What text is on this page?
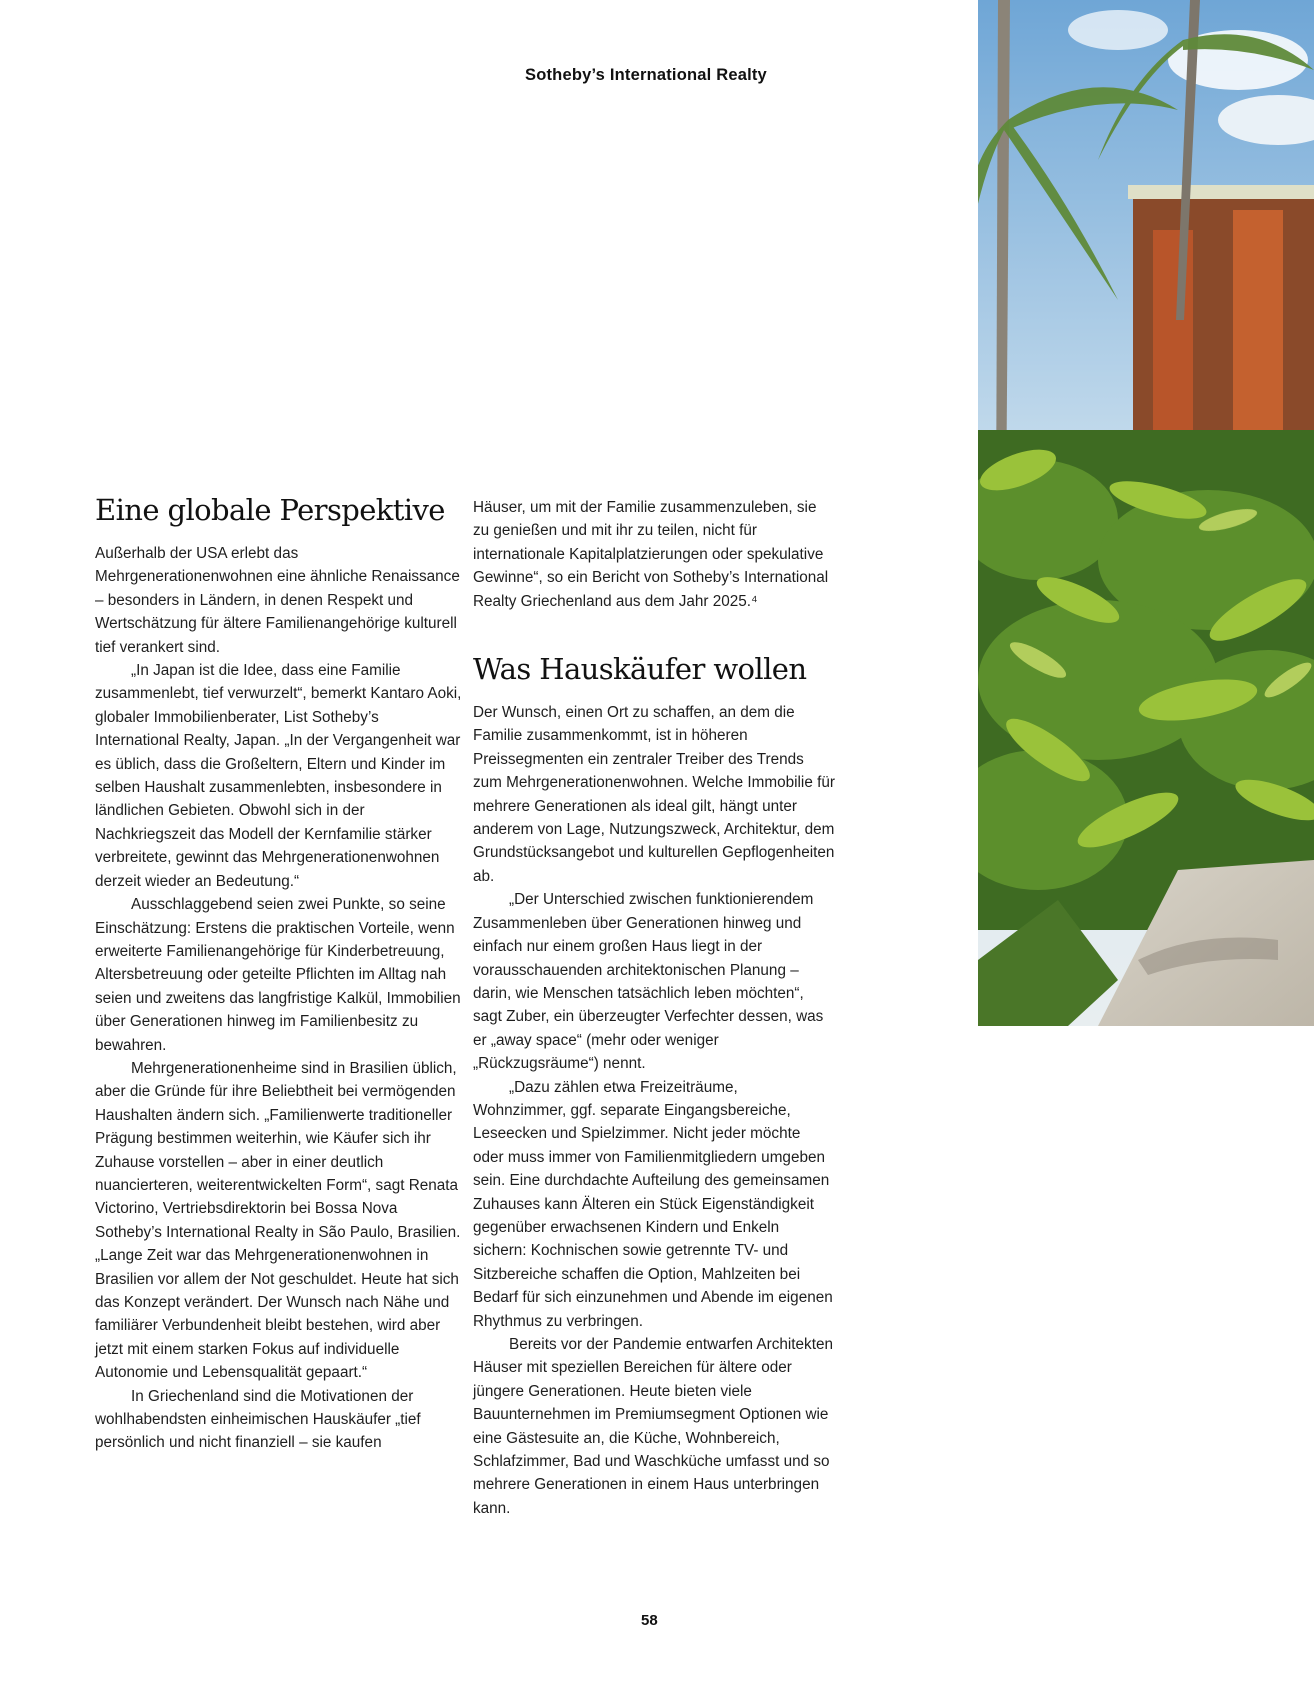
Sotheby’s International Realty
Eine globale Perspektive

Außerhalb der USA erlebt das Mehrgenerationenwohnen eine ähnliche Renaissance – besonders in Ländern, in denen Respekt und Wertschätzung für ältere Familienangehörige kulturell tief verankert sind.

„In Japan ist die Idee, dass eine Familie zusammenlebt, tief verwurzelt“, bemerkt Kantaro Aoki, globaler Immobilienberater, List Sotheby’s International Realty, Japan. „In der Vergangenheit war es üblich, dass die Großeltern, Eltern und Kinder im selben Haushalt zusammenlebten, insbesondere in ländlichen Gebieten. Obwohl sich in der Nachkriegszeit das Modell der Kernfamilie stärker verbreitete, gewinnt das Mehrgenerationenwohnen derzeit wieder an Bedeutung.“

Ausschlaggebend seien zwei Punkte, so seine Einschätzung: Erstens die praktischen Vorteile, wenn erweiterte Familienangehörige für Kinderbetreuung, Altersbetreuung oder geteilte Pflichten im Alltag nah seien und zweitens das langfristige Kalkül, Immobilien über Generationen hinweg im Familienbesitz zu bewahren.

Mehrgenerationenheime sind in Brasilien üblich, aber die Gründe für ihre Beliebtheit bei vermögenden Haushalten ändern sich. „Familienwerte traditioneller Prägung bestimmen weiterhin, wie Käufer sich ihr Zuhause vorstellen – aber in einer deutlich nuancierteren, weiterentwickelten Form“, sagt Renata Victorino, Vertriebsdirektorin bei Bossa Nova Sotheby’s International Realty in São Paulo, Brasilien. „Lange Zeit war das Mehrgenerationenwohnen in Brasilien vor allem der Not geschuldet. Heute hat sich das Konzept verändert. Der Wunsch nach Nähe und familiärer Verbundenheit bleibt bestehen, wird aber jetzt mit einem starken Fokus auf individuelle Autonomie und Lebensqualität gepaart.“

In Griechenland sind die Motivationen der wohlhabendsten einheimischen Hauskäufer „tief persönlich und nicht finanziell – sie kaufen

Häuser, um mit der Familie zusammenzuleben, sie zu genießen und mit ihr zu teilen, nicht für internationale Kapitalplatzierungen oder spekulative Gewinne“, so ein Bericht von Sotheby’s International Realty Griechenland aus dem Jahr 2025.⁴

Was Hauskäufer wollen

Der Wunsch, einen Ort zu schaffen, an dem die Familie zusammenkommt, ist in höheren Preissegmenten ein zentraler Treiber des Trends zum Mehrgenerationenwohnen. Welche Immobilie für mehrere Generationen als ideal gilt, hängt unter anderem von Lage, Nutzungszweck, Architektur, dem Grundstücksangebot und kulturellen Gepflogenheiten ab.

„Der Unterschied zwischen funktionierendem Zusammenleben über Generationen hinweg und einfach nur einem großen Haus liegt in der vorausschauenden architektonischen Planung – darin, wie Menschen tatsächlich leben möchten“, sagt Zuber, ein überzeugter Verfechter dessen, was er „away space“ (mehr oder weniger „Rückzugsräume“) nennt.

„Dazu zählen etwa Freizeiträume, Wohnzimmer, ggf. separate Eingangsbereiche, Leseecken und Spielzimmer. Nicht jeder möchte oder muss immer von Familienmitgliedern umgeben sein. Eine durchdachte Aufteilung des gemeinsamen Zuhauses kann Älteren ein Stück Eigenständigkeit gegenüber erwachsenen Kindern und Enkeln sichern: Kochnischen sowie getrennte TV- und Sitzbereiche schaffen die Option, Mahlzeiten bei Bedarf für sich einzunehmen und Abende im eigenen Rhythmus zu verbringen.

Bereits vor der Pandemie entwarfen Architekten Häuser mit speziellen Bereichen für ältere oder jüngere Generationen. Heute bieten viele Bauunternehmen im Premiumsegment Optionen wie eine Gästesuite an, die Küche, Wohnbereich, Schlafzimmer, Bad und Waschküche umfasst und so mehrere Generationen in einem Haus unterbringen kann.

58
